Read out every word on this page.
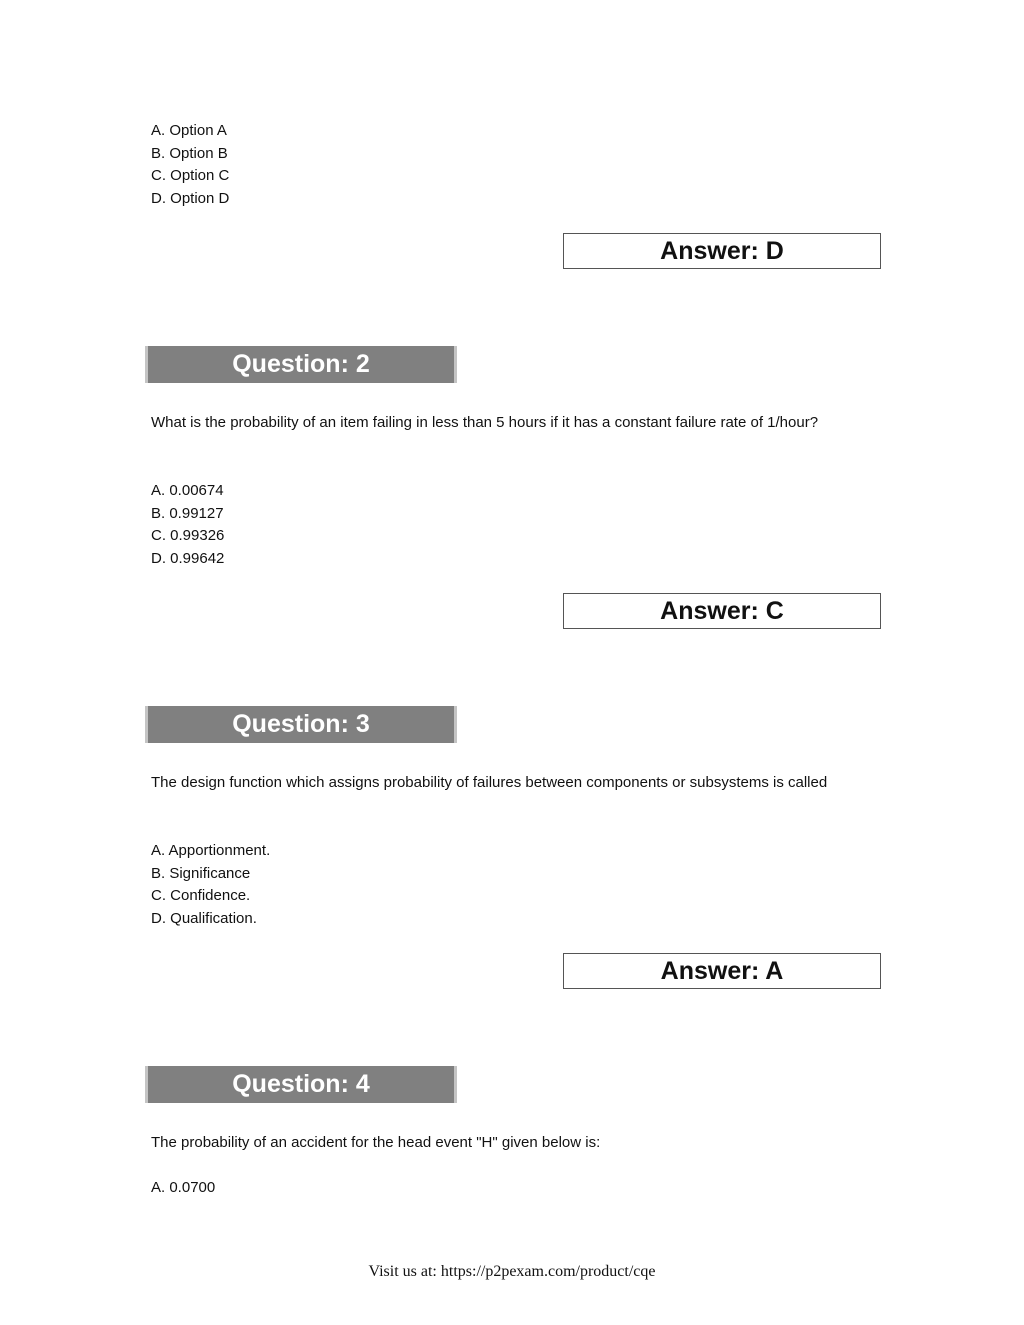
A. Option A
B. Option B
C. Option C
D. Option D
Answer: D
Question: 2
What is the probability of an item failing in less than 5 hours if it has a constant failure rate of 1/hour?
A. 0.00674
B. 0.99127
C. 0.99326
D. 0.99642
Answer: C
Question: 3
The design function which assigns probability of failures between components or subsystems is called
A. Apportionment.
B. Significance
C. Confidence.
D. Qualification.
Answer: A
Question: 4
The probability of an accident for the head event "H" given below is:
A. 0.0700
Visit us at: https://p2pexam.com/product/cqe
